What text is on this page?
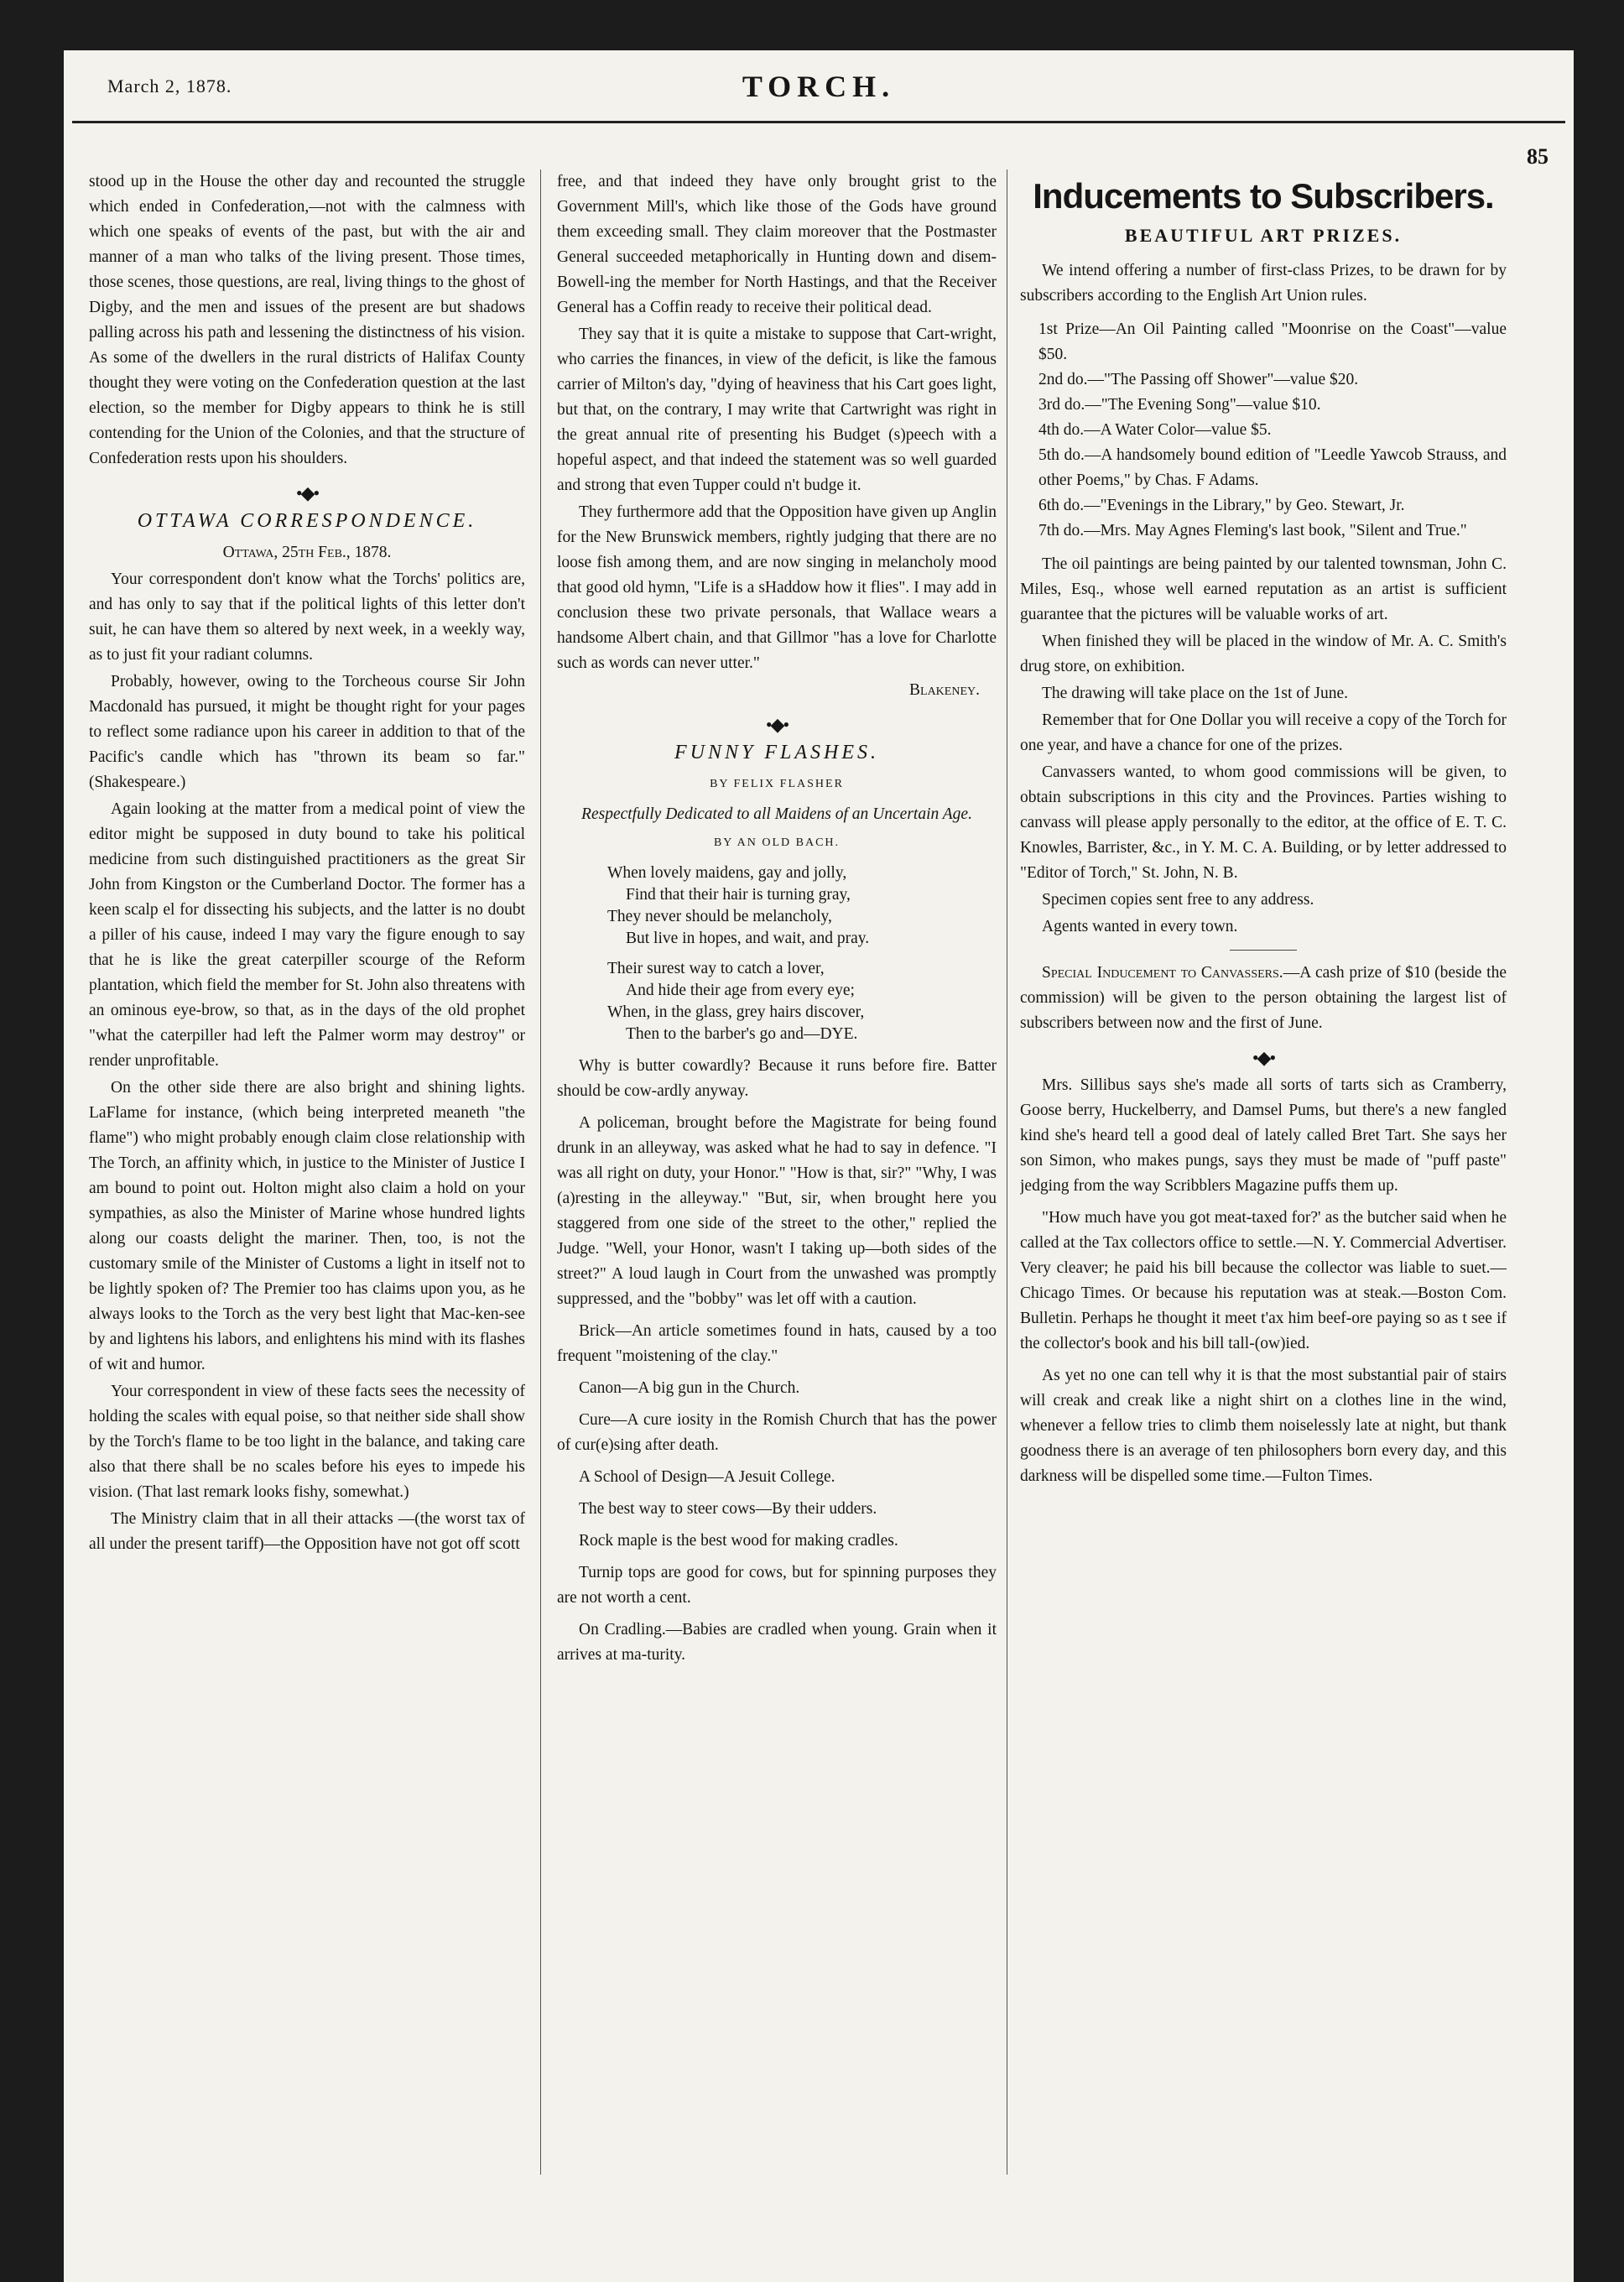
March 2, 1878.	TORCH.
85

stood up in the House the other day and recounted the struggle which ended in Confederation,—not with the calmness with which one speaks of events of the past, but with the air and manner of a man who talks of the living present. Those times, those scenes, those questions, are real, living things to the ghost of Digby, and the men and issues of the present are but shadows palling across his path and lessening the distinctness of his vision. As some of the dwellers in the rural districts of Halifax County thought they were voting on the Confederation question at the last election, so the member for Digby appears to think he is still contending for the Union of the Colonies, and that the structure of Confederation rests upon his shoulders.

•◆•
OTTAWA CORRESPONDENCE.

Ottawa, 25th Feb., 1878.

Your correspondent don't know what the Torchs' politics are, and has only to say that if the political lights of this letter don't suit, he can have them so altered by next week, in a weekly way, as to just fit your radiant columns.

Probably, however, owing to the Torcheous course Sir John Macdonald has pursued, it might be thought right for your pages to reflect some radiance upon his career in addition to that of the Pacific's candle which has "thrown its beam so far." (Shakespeare.)

Again looking at the matter from a medical point of view the editor might be supposed in duty bound to take his political medicine from such distinguished practitioners as the great Sir John from Kingston or the Cumberland Doctor. The former has a keen scalp el for dissecting his subjects, and the latter is no doubt a piller of his cause, indeed I may vary the figure enough to say that he is like the great caterpiller scourge of the Reform plantation, which field the member for St. John also threatens with an ominous eye-brow, so that, as in the days of the old prophet "what the caterpiller had left the Palmer worm may destroy" or render unprofitable.

On the other side there are also bright and shining lights. LaFlame for instance, (which being interpreted meaneth "the flame") who might probably enough claim close relationship with The Torch, an affinity which, in justice to the Minister of Justice I am bound to point out. Holton might also claim a hold on your sympathies, as also the Minister of Marine whose hundred lights along our coasts delight the mariner. Then, too, is not the customary smile of the Minister of Customs a light in itself not to be lightly spoken of? The Premier too has claims upon you, as he always looks to the Torch as the very best light that Mac-ken-see by and lightens his labors, and enlightens his mind with its flashes of wit and humor.

Your correspondent in view of these facts sees the necessity of holding the scales with equal poise, so that neither side shall show by the Torch's flame to be too light in the balance, and taking care also that there shall be no scales before his eyes to impede his vision. (That last remark looks fishy, somewhat.)

The Ministry claim that in all their attacks —(the worst tax of all under the present tariff)—the Opposition have not got off scott

free, and that indeed they have only brought grist to the Government Mill's, which like those of the Gods have ground them exceeding small. They claim moreover that the Postmaster General succeeded metaphorically in Hunting down and disem-Bowell-ing the member for North Hastings, and that the Receiver General has a Coffin ready to receive their political dead.

They say that it is quite a mistake to suppose that Cart-wright, who carries the finances, in view of the deficit, is like the famous carrier of Milton's day, "dying of heaviness that his Cart goes light, but that, on the contrary, I may write that Cartwright was right in the great annual rite of presenting his Budget (s)peech with a hopeful aspect, and that indeed the statement was so well guarded and strong that even Tupper could n't budge it.

They furthermore add that the Opposition have given up Anglin for the New Brunswick members, rightly judging that there are no loose fish among them, and are now singing in melancholy mood that good old hymn, "Life is a sHaddow how it flies". I may add in conclusion these two private personals, that Wallace wears a handsome Albert chain, and that Gillmor "has a love for Charlotte such as words can never utter."

Blakeney.

•◆•
FUNNY FLASHES.
BY FELIX FLASHER

Respectfully Dedicated to all Maidens of an Uncertain Age.

BY AN OLD BACH.
When lovely maidens, gay and jolly,
Find that their hair is turning gray,
They never should be melancholy,
But live in hopes, and wait, and pray.
Their surest way to catch a lover,
And hide their age from every eye;
When, in the glass, grey hairs discover,
Then to the barber's go and—DYE.

Why is butter cowardly? Because it runs before fire. Batter should be cow-ardly anyway.

A policeman, brought before the Magistrate for being found drunk in an alleyway, was asked what he had to say in defence. "I was all right on duty, your Honor." "How is that, sir?" "Why, I was (a)resting in the alleyway." "But, sir, when brought here you staggered from one side of the street to the other," replied the Judge. "Well, your Honor, wasn't I taking up—both sides of the street?" A loud laugh in Court from the unwashed was promptly suppressed, and the "bobby" was let off with a caution.

Brick—An article sometimes found in hats, caused by a too frequent "moistening of the clay."

Canon—A big gun in the Church.

Cure—A cure iosity in the Romish Church that has the power of cur(e)sing after death.

A School of Design—A Jesuit College.

The best way to steer cows—By their udders.

Rock maple is the best wood for making cradles.

Turnip tops are good for cows, but for spinning purposes they are not worth a cent.

On Cradling.—Babies are cradled when young. Grain when it arrives at ma-turity.

Inducements to Subscribers.
BEAUTIFUL ART PRIZES.

We intend offering a number of first-class Prizes, to be drawn for by subscribers according to the English Art Union rules.

1st Prize—An Oil Painting called "Moonrise on the Coast"—value $50.

2nd do.—"The Passing off Shower"—value $20.

3rd do.—"The Evening Song"—value $10.

4th do.—A Water Color—value $5.

5th do.—A handsomely bound edition of "Leedle Yawcob Strauss, and other Poems," by Chas. F Adams.

6th do.—"Evenings in the Library," by Geo. Stewart, Jr.

7th do.—Mrs. May Agnes Fleming's last book, "Silent and True."

The oil paintings are being painted by our talented townsman, John C. Miles, Esq., whose well earned reputation as an artist is sufficient guarantee that the pictures will be valuable works of art.

When finished they will be placed in the window of Mr. A. C. Smith's drug store, on exhibition.

The drawing will take place on the 1st of June.

Remember that for One Dollar you will receive a copy of the Torch for one year, and have a chance for one of the prizes.

Canvassers wanted, to whom good commissions will be given, to obtain subscriptions in this city and the Provinces. Parties wishing to canvass will please apply personally to the editor, at the office of E. T. C. Knowles, Barrister, &c., in Y. M. C. A. Building, or by letter addressed to "Editor of Torch," St. John, N. B.

Specimen copies sent free to any address.

Agents wanted in every town.

Special Inducement to Canvassers.—A cash prize of $10 (beside the commission) will be given to the person obtaining the largest list of subscribers between now and the first of June.

•◆•

Mrs. Sillibus says she's made all sorts of tarts sich as Cramberry, Goose berry, Huckelberry, and Damsel Pums, but there's a new fangled kind she's heard tell a good deal of lately called Bret Tart. She says her son Simon, who makes pungs, says they must be made of "puff paste" jedging from the way Scribblers Magazine puffs them up.

"How much have you got meat-taxed for?' as the butcher said when he called at the Tax collectors office to settle.—N. Y. Commercial Advertiser. Very cleaver; he paid his bill because the collector was liable to suet.—Chicago Times. Or because his reputation was at steak.—Boston Com. Bulletin. Perhaps he thought it meet t'ax him beef-ore paying so as t see if the collector's book and his bill tall-(ow)ied.

As yet no one can tell why it is that the most substantial pair of stairs will creak and creak like a night shirt on a clothes line in the wind, whenever a fellow tries to climb them noiselessly late at night, but thank goodness there is an average of ten philosophers born every day, and this darkness will be dispelled some time.—Fulton Times.
